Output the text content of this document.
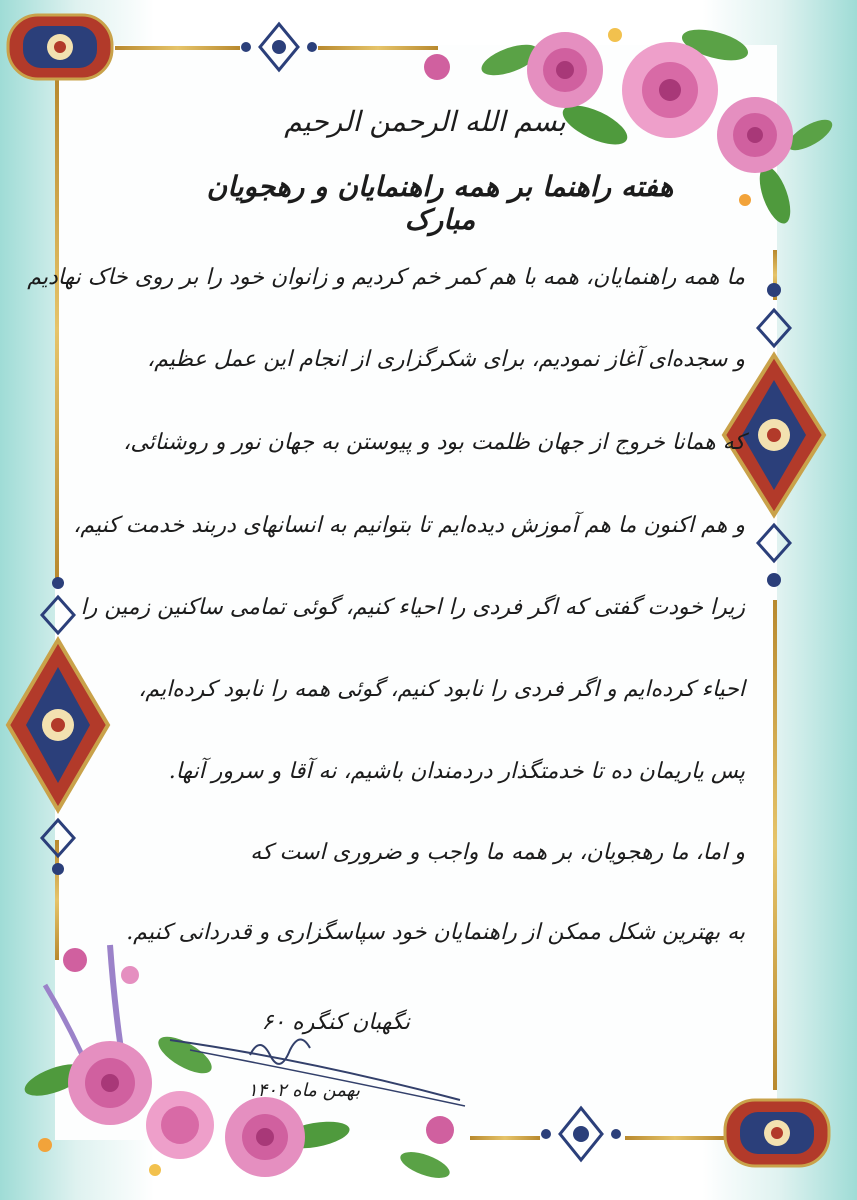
بسم الله الرحمن الرحیم
هفته راهنما بر همه راهنمایان و رهجویان مبارک
ما همه راهنمایان، همه با هم کمر خم کردیم و زانوان خود را بر روی خاک نهادیم
و سجده‌ای آغاز نمودیم، برای شکرگزاری از انجام این عمل عظیم،
که همانا خروج از جهان ظلمت بود و پیوستن به جهان نور و روشنائی،
و هم اکنون ما هم آموزش دیده‌ایم تا بتوانیم به انسانهای دربند خدمت کنیم،
زیرا خودت گفتی که اگر فردی را احیاء کنیم، گوئی تمامی ساکنین زمین را
احیاء کرده‌ایم و اگر فردی را نابود کنیم، گوئی همه را نابود کرده‌ایم،
پس یاریمان ده تا خدمتگذار دردمندان باشیم، نه آقا و سرور آنها.
و اما، ما رهجویان، بر همه ما واجب و ضروری است که
به بهترین شکل ممکن از راهنمایان خود سپاسگزاری و قدردانی کنیم.
نگهبان کنگره ۶۰
بهمن ماه ۱۴۰۲
